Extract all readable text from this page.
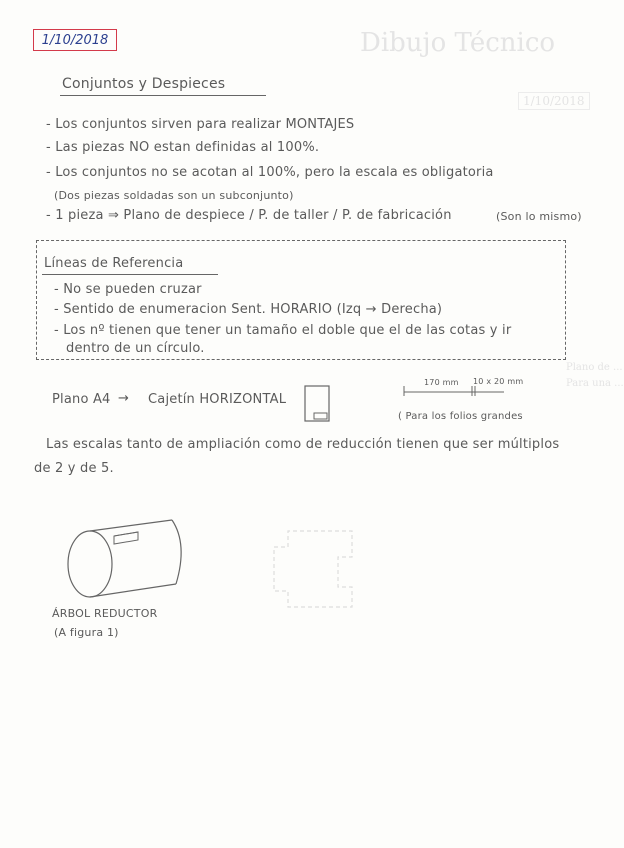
Dibujo Técnico
1/10/2018
Plano de ...
Para una ...
1/10/2018
Conjuntos y Despieces
- Los conjuntos sirven para realizar MONTAJES
- Las piezas NO estan definidas al 100%.
- Los conjuntos no se acotan al 100%, pero la escala es obligatoria
(Dos piezas soldadas son un subconjunto)
- 1 pieza ⇒ Plano de despiece / P. de taller / P. de fabricación	(Son lo mismo)
Líneas de Referencia
- No se pueden cruzar
- Sentido de enumeracion Sent. HORARIO (Izq → Derecha)
- Los nº tienen que tener un tamaño el doble que el de las cotas y ir
dentro de un círculo.
Plano A4 → Cajetín HORIZONTAL
170 mm 10 x 20 mm
( Para los folios grandes
Las escalas tanto de ampliación como de reducción tienen que ser múltiplos
de 2 y de 5.
ÁRBOL REDUCTOR
(A figura 1)
